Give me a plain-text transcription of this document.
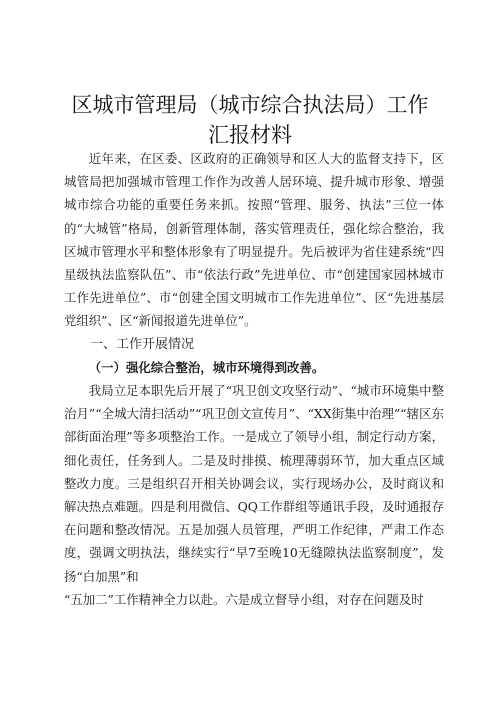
区城市管理局（城市综合执法局）工作汇报材料

近年来，在区委、区政府的正确领导和区人大的监督支持下，区城管局把加强城市管理工作作为改善人居环境、提升城市形象、增强城市综合功能的重要任务来抓。按照“管理、服务、执法”三位一体的“大城管”格局，创新管理体制，落实管理责任，强化综合整治，我区城市管理水平和整体形象有了明显提升。先后被评为省住建系统“四星级执法监察队伍”、市“依法行政”先进单位、市“创建国家园林城市工作先进单位”、市“创建全国文明城市工作先进单位”、区“先进基层党组织”、区“新闻报道先进单位”。

一、工作开展情况

（一）强化综合整治，城市环境得到改善。

我局立足本职先后开展了“巩卫创文攻坚行动”、“城市环境集中整治月”“全城大清扫活动”“巩卫创文宣传月”、“XX街集中治理”“辖区东部街面治理”等多项整治工作。一是成立了领导小组，制定行动方案，细化责任，任务到人。二是及时排摸、梳理薄弱环节，加大重点区域整改力度。三是组织召开相关协调会议，实行现场办公，及时商议和解决热点难题。四是利用微信、QQ工作群组等通讯手段，及时通报存在问题和整改情况。五是加强人员管理，严明工作纪律，严肃工作态度，强调文明执法，继续实行“早7至晚10无缝隙执法监察制度”，发扬“白加黑”和

“五加二”工作精神全力以赴。六是成立督导小组，对存在问题及时
